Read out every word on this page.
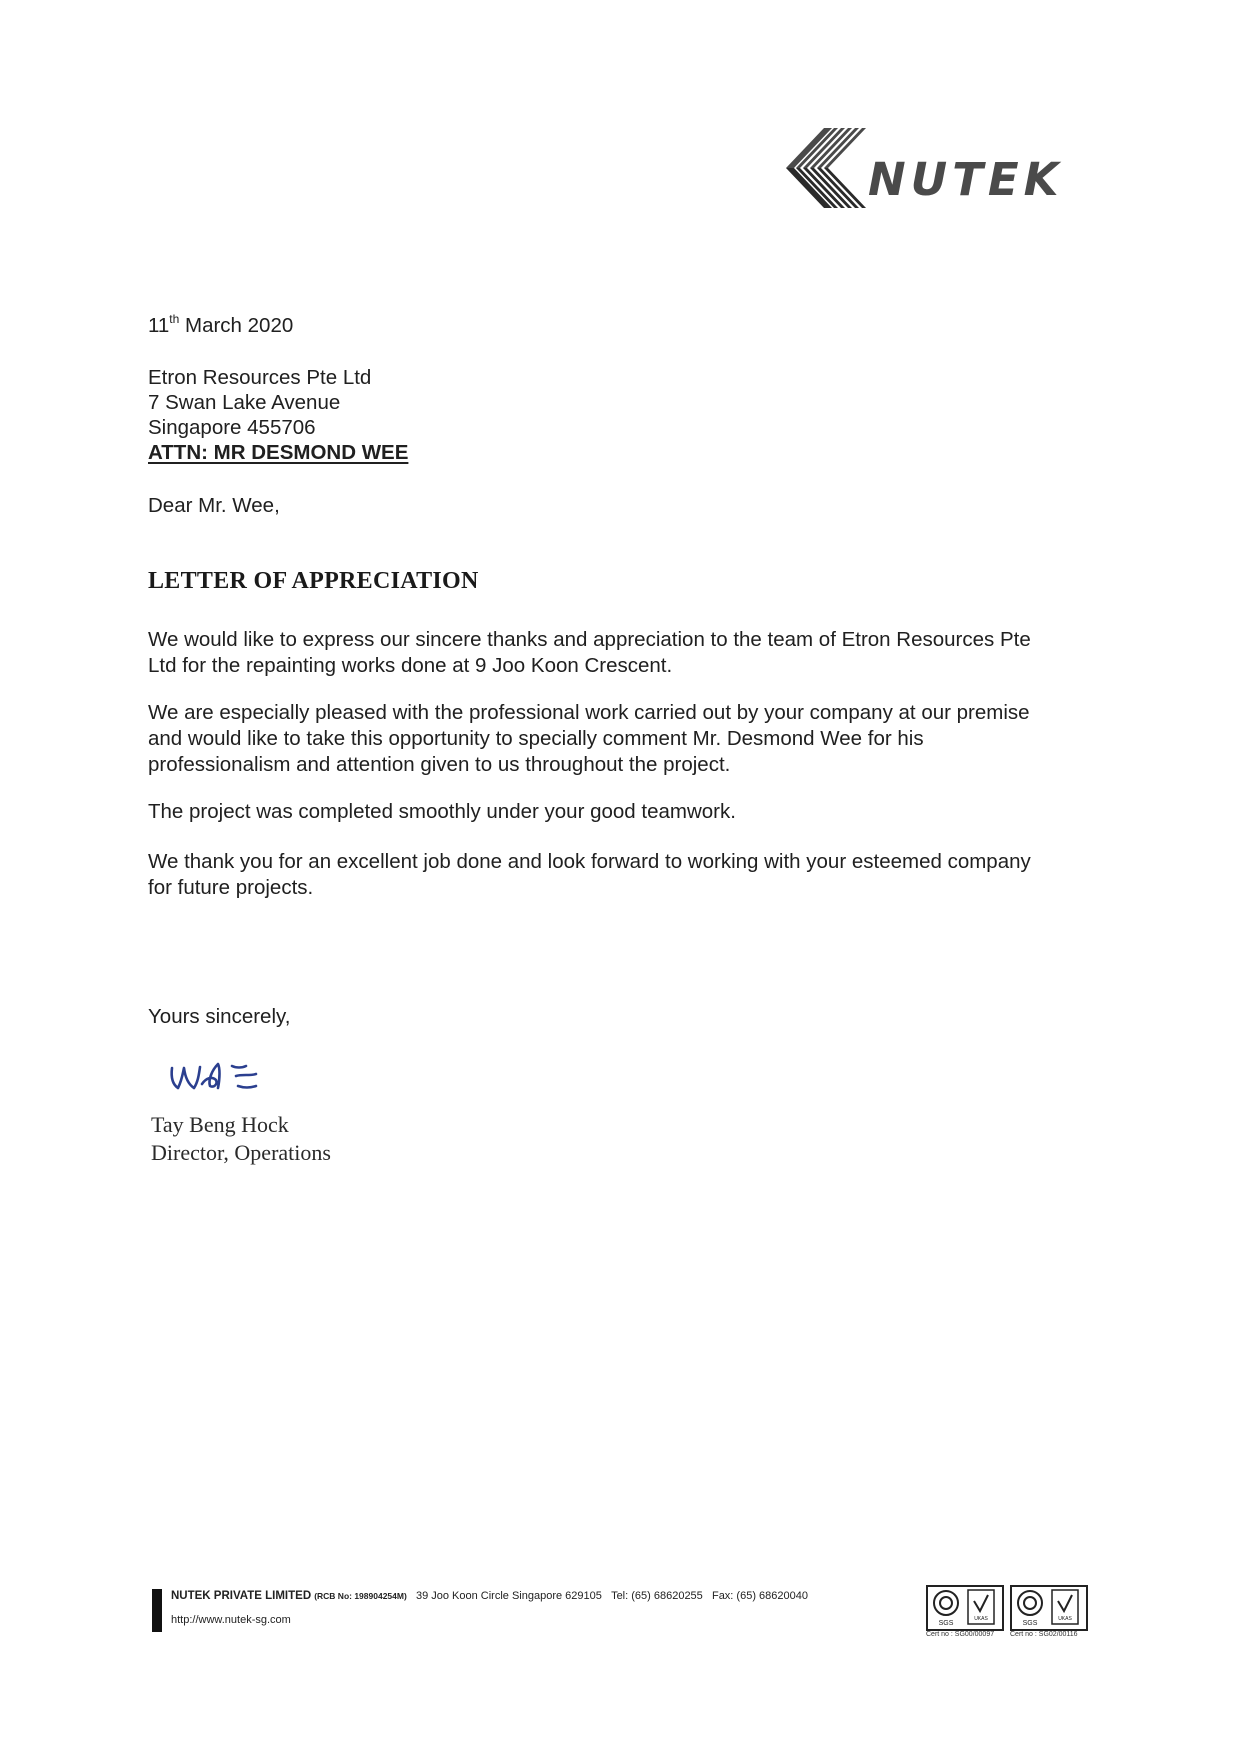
NUTEK
11th March 2020
Etron Resources Pte Ltd
7 Swan Lake Avenue
Singapore 455706
ATTN: MR DESMOND WEE
Dear Mr. Wee,
LETTER OF APPRECIATION
We would like to express our sincere thanks and appreciation to the team of Etron Resources Pte
Ltd for the repainting works done at 9 Joo Koon Crescent.
We are especially pleased with the professional work carried out by your company at our premise
and would like to take this opportunity to specially comment Mr. Desmond Wee for his
professionalism and attention given to us throughout the project.
The project was completed smoothly under your good teamwork.
We thank you for an excellent job done and look forward to working with your esteemed company
for future projects.
Yours sincerely,
Tay Beng Hock
Director, Operations
NUTEK PRIVATE LIMITED (RCB No: 198904254M) 39 Joo Koon Circle Singapore 629105 Tel: (65) 68620255 Fax: (65) 68620040
http://www.nutek-sg.com	SGS
UKAS
Cert no : SG00/00097
SGS
UKAS
Cert no : SG02/00116
